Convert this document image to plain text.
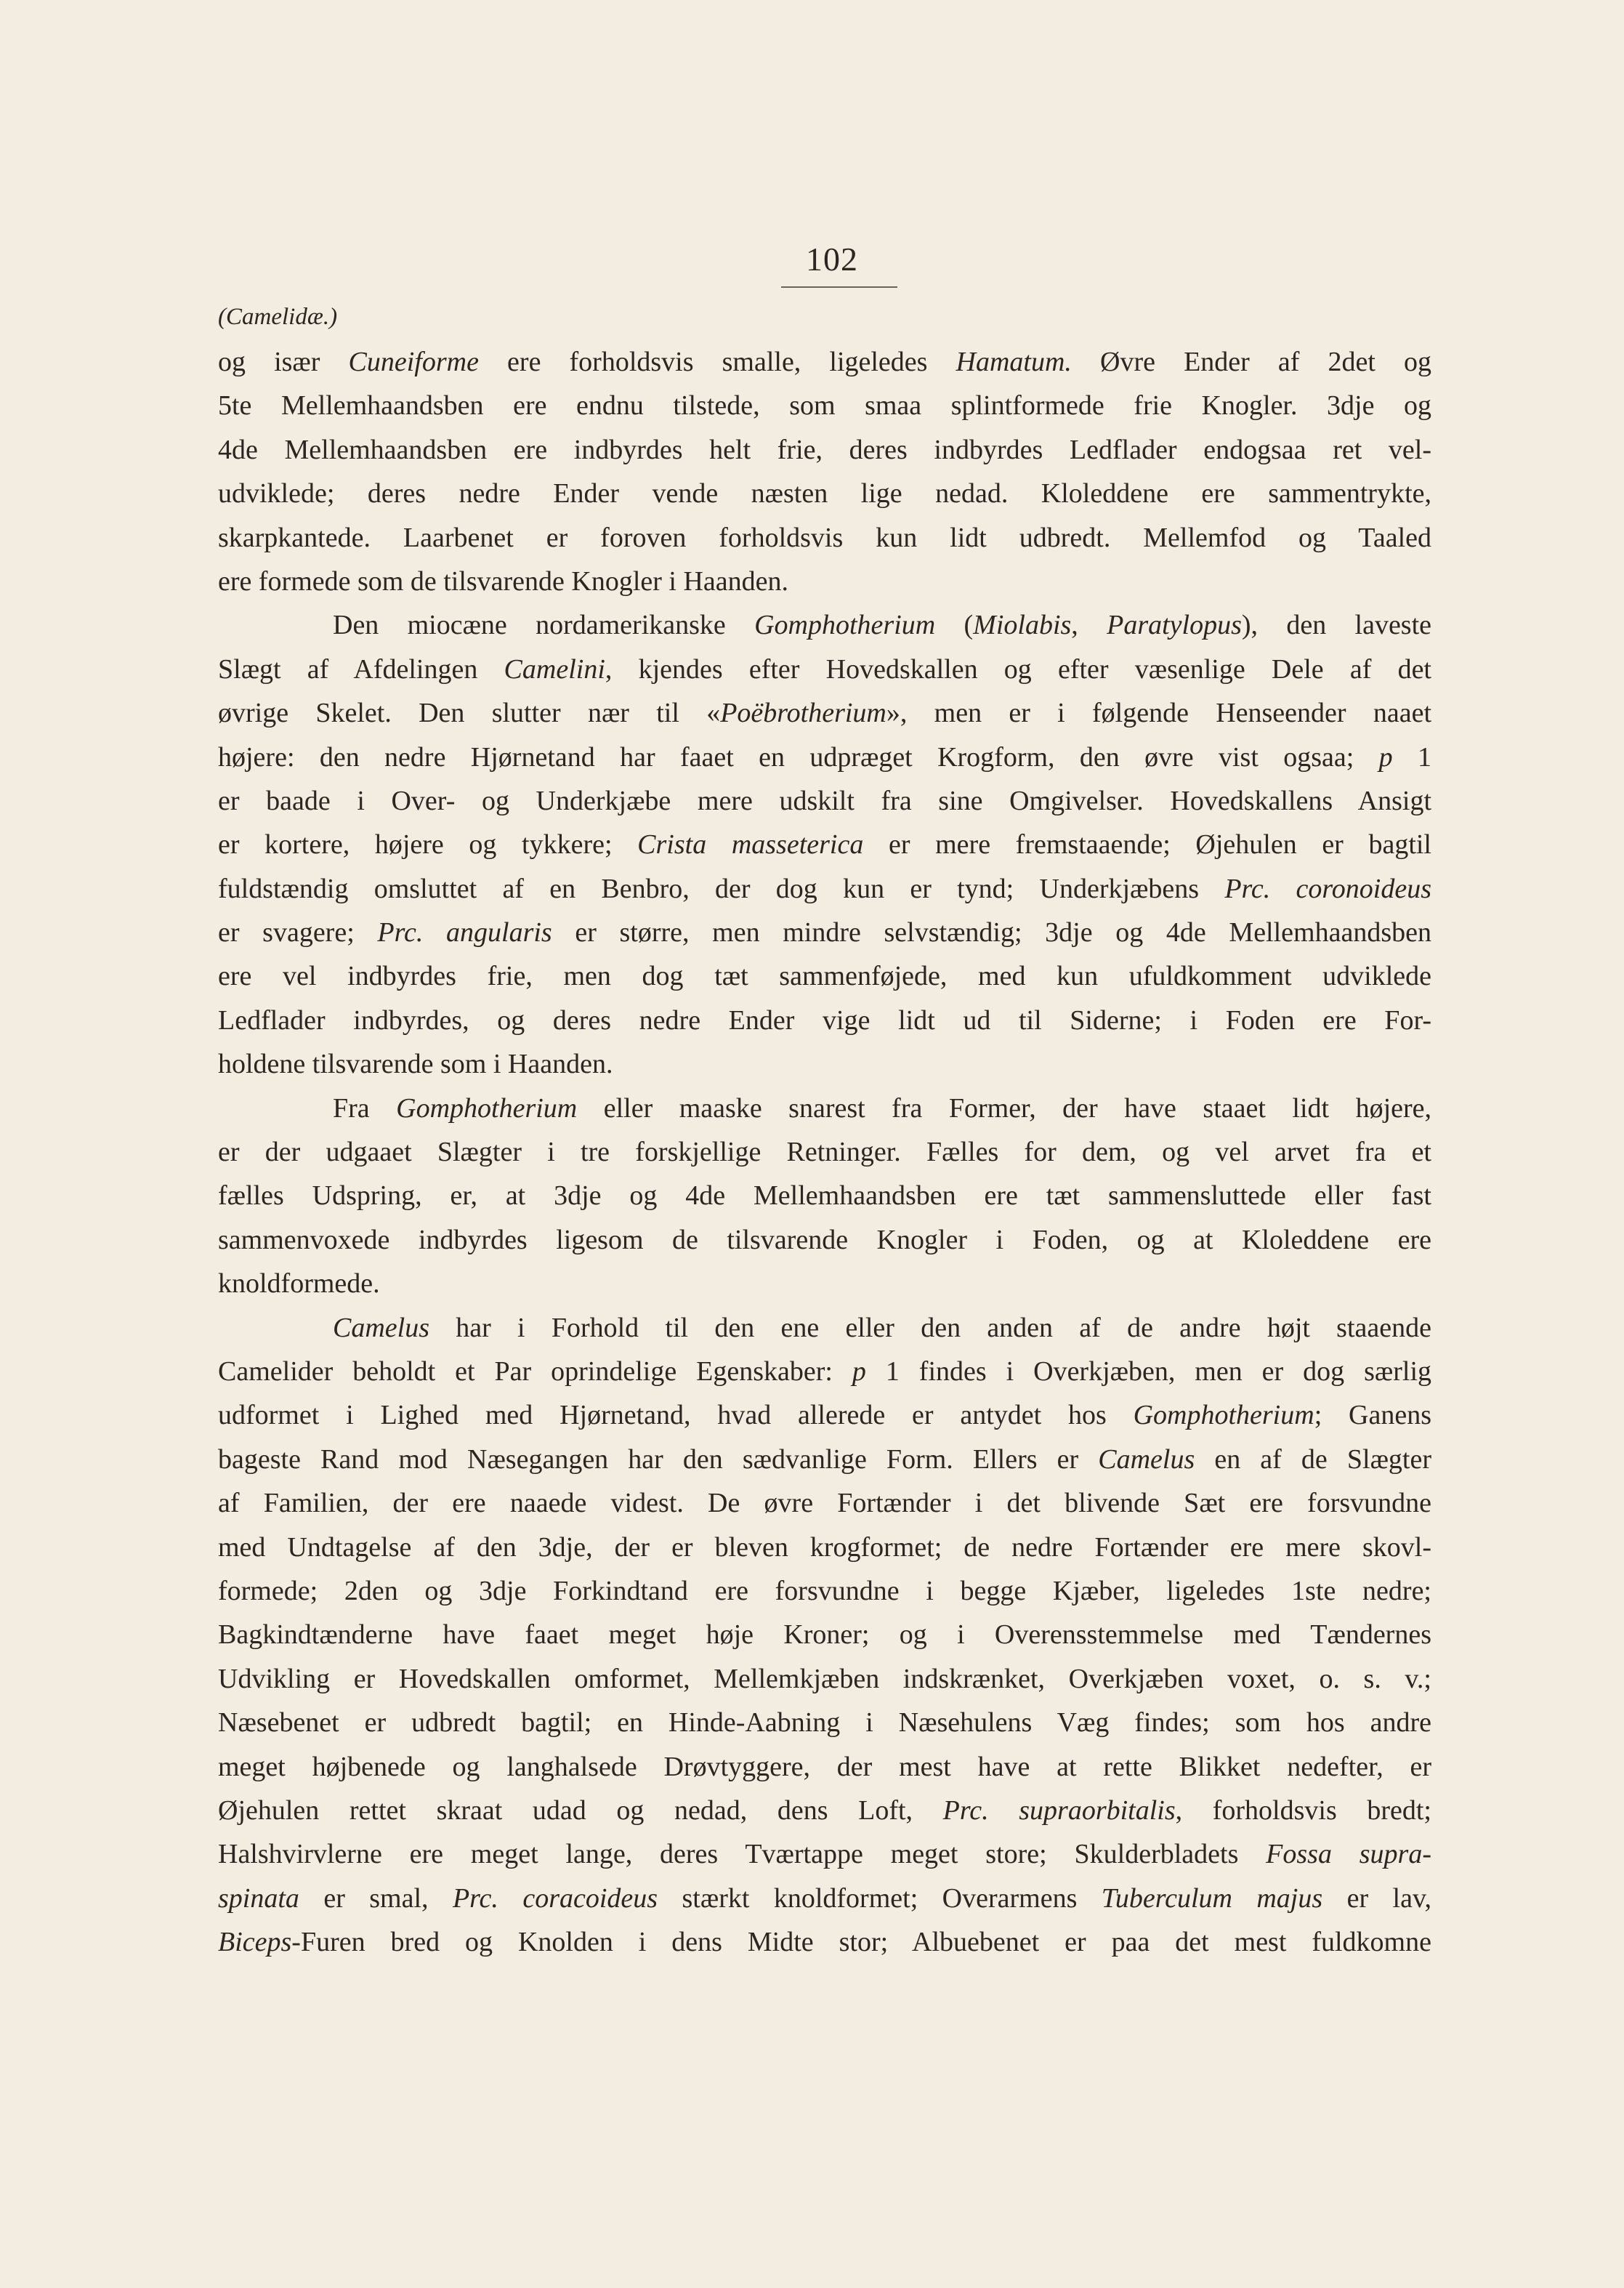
102
(Camelidæ.)
og især Cuneiforme ere forholdsvis smalle, ligeledes Hamatum. Øvre Ender af 2det og
5te Mellemhaandsben ere endnu tilstede, som smaa splintformede frie Knogler. 3dje og
4de Mellemhaandsben ere indbyrdes helt frie, deres indbyrdes Ledflader endogsaa ret vel-
udviklede; deres nedre Ender vende næsten lige nedad. Kloleddene ere sammentrykte,
skarpkantede. Laarbenet er foroven forholdsvis kun lidt udbredt. Mellemfod og Taaled
ere formede som de tilsvarende Knogler i Haanden.
Den miocæne nordamerikanske Gomphotherium (Miolabis, Paratylopus), den laveste
Slægt af Afdelingen Camelini, kjendes efter Hovedskallen og efter væsenlige Dele af det
øvrige Skelet. Den slutter nær til «Poëbrotherium», men er i følgende Henseender naaet
højere: den nedre Hjørnetand har faaet en udpræget Krogform, den øvre vist ogsaa; p 1
er baade i Over- og Underkjæbe mere udskilt fra sine Omgivelser. Hovedskallens Ansigt
er kortere, højere og tykkere; Crista masseterica er mere fremstaaende; Øjehulen er bagtil
fuldstændig omsluttet af en Benbro, der dog kun er tynd; Underkjæbens Prc. coronoideus
er svagere; Prc. angularis er større, men mindre selvstændig; 3dje og 4de Mellemhaandsben
ere vel indbyrdes frie, men dog tæt sammenføjede, med kun ufuldkomment udviklede
Ledflader indbyrdes, og deres nedre Ender vige lidt ud til Siderne; i Foden ere For-
holdene tilsvarende som i Haanden.
Fra Gomphotherium eller maaske snarest fra Former, der have staaet lidt højere,
er der udgaaet Slægter i tre forskjellige Retninger. Fælles for dem, og vel arvet fra et
fælles Udspring, er, at 3dje og 4de Mellemhaandsben ere tæt sammensluttede eller fast
sammenvoxede indbyrdes ligesom de tilsvarende Knogler i Foden, og at Kloleddene ere
knoldformede.
Camelus har i Forhold til den ene eller den anden af de andre højt staaende
Camelider beholdt et Par oprindelige Egenskaber: p 1 findes i Overkjæben, men er dog særlig
udformet i Lighed med Hjørnetand, hvad allerede er antydet hos Gomphotherium; Ganens
bageste Rand mod Næsegangen har den sædvanlige Form. Ellers er Camelus en af de Slægter
af Familien, der ere naaede videst. De øvre Fortænder i det blivende Sæt ere forsvundne
med Undtagelse af den 3dje, der er bleven krogformet; de nedre Fortænder ere mere skovl-
formede; 2den og 3dje Forkindtand ere forsvundne i begge Kjæber, ligeledes 1ste nedre;
Bagkindtænderne have faaet meget høje Kroner; og i Overensstemmelse med Tændernes
Udvikling er Hovedskallen omformet, Mellemkjæben indskrænket, Overkjæben voxet, o. s. v.;
Næsebenet er udbredt bagtil; en Hinde-Aabning i Næsehulens Væg findes; som hos andre
meget højbenede og langhalsede Drøvtyggere, der mest have at rette Blikket nedefter, er
Øjehulen rettet skraat udad og nedad, dens Loft, Prc. supraorbitalis, forholdsvis bredt;
Halshvirvlerne ere meget lange, deres Tværtappe meget store; Skulderbladets Fossa supra-
spinata er smal, Prc. coracoideus stærkt knoldformet; Overarmens Tuberculum majus er lav,
Biceps-Furen bred og Knolden i dens Midte stor; Albuebenet er paa det mest fuldkomne
